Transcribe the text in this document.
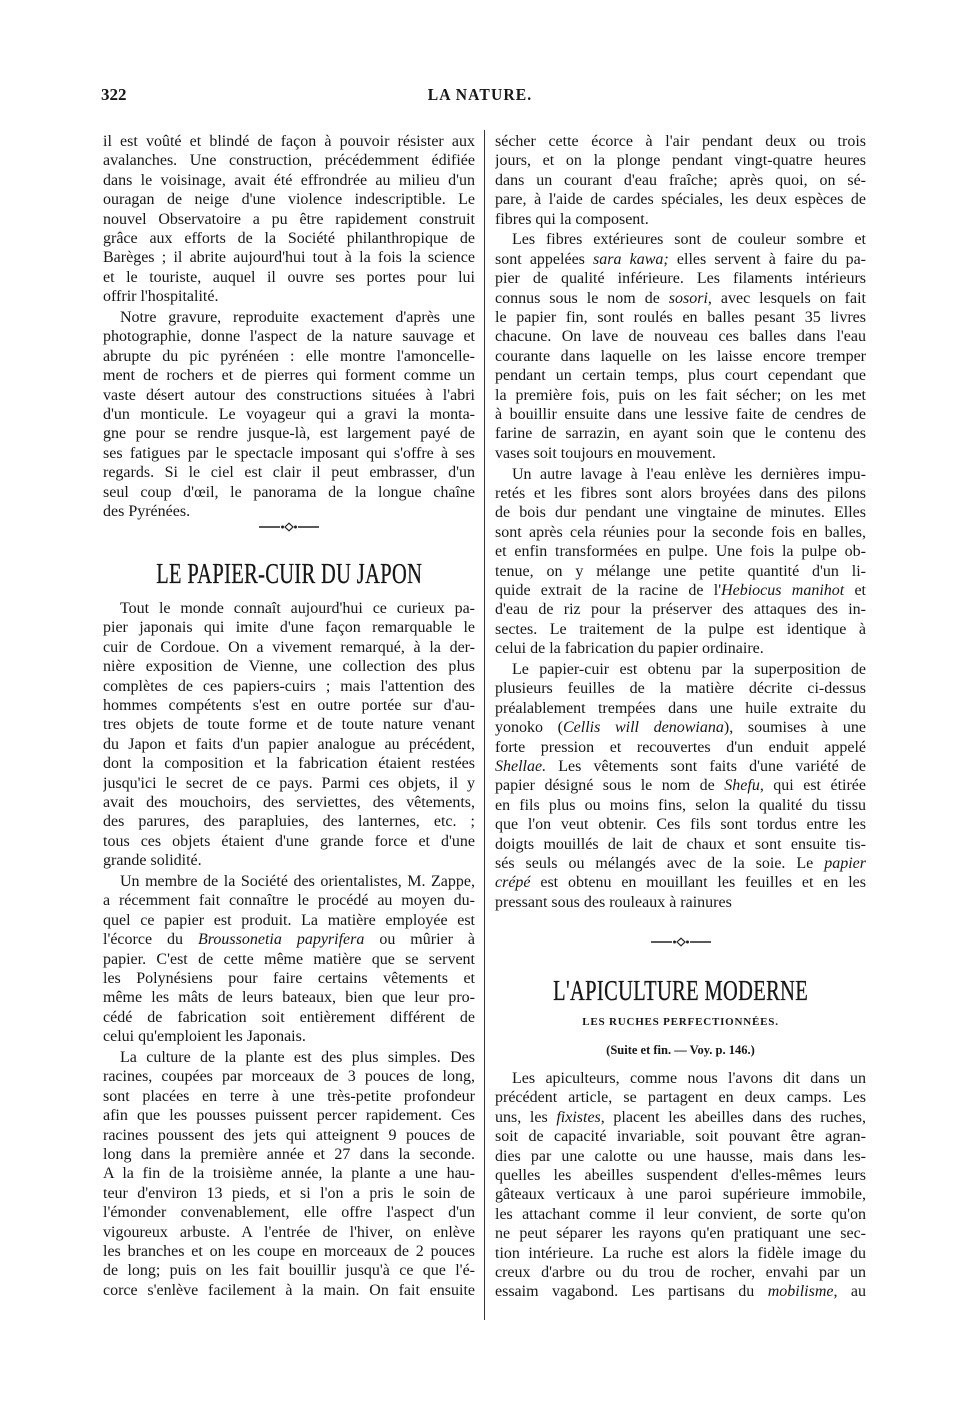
322	LA NATURE.
il est voûté et blindé de façon à pouvoir résister aux
avalanches. Une construction, précédemment édifiée
dans le voisinage, avait été effrondrée au milieu d'un
ouragan de neige d'une violence indescriptible. Le
nouvel Observatoire a pu être rapidement construit
grâce aux efforts de la Société philanthropique de
Barèges ; il abrite aujourd'hui tout à la fois la science
et le touriste, auquel il ouvre ses portes pour lui
offrir l'hospitalité.
Notre gravure, reproduite exactement d'après une
photographie, donne l'aspect de la nature sauvage et
abrupte du pic pyrénéen : elle montre l'amoncelle-
ment de rochers et de pierres qui forment comme un
vaste désert autour des constructions situées à l'abri
d'un monticule. Le voyageur qui a gravi la monta-
gne pour se rendre jusque-là, est largement payé de
ses fatigues par le spectacle imposant qui s'offre à ses
regards. Si le ciel est clair il peut embrasser, d'un
seul coup d'œil, le panorama de la longue chaîne
des Pyrénées.
LE PAPIER-CUIR DU JAPON
Tout le monde connaît aujourd'hui ce curieux pa-
pier japonais qui imite d'une façon remarquable le
cuir de Cordoue. On a vivement remarqué, à la der-
nière exposition de Vienne, une collection des plus
complètes de ces papiers-cuirs ; mais l'attention des
hommes compétents s'est en outre portée sur d'au-
tres objets de toute forme et de toute nature venant
du Japon et faits d'un papier analogue au précédent,
dont la composition et la fabrication étaient restées
jusqu'ici le secret de ce pays. Parmi ces objets, il y
avait des mouchoirs, des serviettes, des vêtements,
des parures, des parapluies, des lanternes, etc. ;
tous ces objets étaient d'une grande force et d'une
grande solidité.
Un membre de la Société des orientalistes, M. Zappe,
a récemment fait connaître le procédé au moyen du-
quel ce papier est produit. La matière employée est
l'écorce du Broussonetia papyrifera ou mûrier à
papier. C'est de cette même matière que se servent
les Polynésiens pour faire certains vêtements et
même les mâts de leurs bateaux, bien que leur pro-
cédé de fabrication soit entièrement différent de
celui qu'emploient les Japonais.
La culture de la plante est des plus simples. Des
racines, coupées par morceaux de 3 pouces de long,
sont placées en terre à une très-petite profondeur
afin que les pousses puissent percer rapidement. Ces
racines poussent des jets qui atteignent 9 pouces de
long dans la première année et 27 dans la seconde.
A la fin de la troisième année, la plante a une hau-
teur d'environ 13 pieds, et si l'on a pris le soin de
l'émonder convenablement, elle offre l'aspect d'un
vigoureux arbuste. A l'entrée de l'hiver, on enlève
les branches et on les coupe en morceaux de 2 pouces
de long; puis on les fait bouillir jusqu'à ce que l'é-
corce s'enlève facilement à la main. On fait ensuite
sécher cette écorce à l'air pendant deux ou trois
jours, et on la plonge pendant vingt-quatre heures
dans un courant d'eau fraîche; après quoi, on sé-
pare, à l'aide de cardes spéciales, les deux espèces de
fibres qui la composent.
Les fibres extérieures sont de couleur sombre et
sont appelées sara kawa; elles servent à faire du pa-
pier de qualité inférieure. Les filaments intérieurs
connus sous le nom de sosori, avec lesquels on fait
le papier fin, sont roulés en balles pesant 35 livres
chacune. On lave de nouveau ces balles dans l'eau
courante dans laquelle on les laisse encore tremper
pendant un certain temps, plus court cependant que
la première fois, puis on les fait sécher; on les met
à bouillir ensuite dans une lessive faite de cendres de
farine de sarrazin, en ayant soin que le contenu des
vases soit toujours en mouvement.
Un autre lavage à l'eau enlève les dernières impu-
retés et les fibres sont alors broyées dans des pilons
de bois dur pendant une vingtaine de minutes. Elles
sont après cela réunies pour la seconde fois en balles,
et enfin transformées en pulpe. Une fois la pulpe ob-
tenue, on y mélange une petite quantité d'un li-
quide extrait de la racine de l'Hebiocus manihot et
d'eau de riz pour la préserver des attaques des in-
sectes. Le traitement de la pulpe est identique à
celui de la fabrication du papier ordinaire.
Le papier-cuir est obtenu par la superposition de
plusieurs feuilles de la matière décrite ci-dessus
préalablement trempées dans une huile extraite du
yonoko (Cellis will denowiana), soumises à une
forte pression et recouvertes d'un enduit appelé
Shellae. Les vêtements sont faits d'une variété de
papier désigné sous le nom de Shefu, qui est étirée
en fils plus ou moins fins, selon la qualité du tissu
que l'on veut obtenir. Ces fils sont tordus entre les
doigts mouillés de lait de chaux et sont ensuite tis-
sés seuls ou mélangés avec de la soie. Le papier
crépé est obtenu en mouillant les feuilles et en les
pressant sous des rouleaux à rainures
L'APICULTURE MODERNE
LES RUCHES PERFECTIONNÉES.
(Suite et fin. — Voy. p. 146.)
Les apiculteurs, comme nous l'avons dit dans un
précédent article, se partagent en deux camps. Les
uns, les fixistes, placent les abeilles dans des ruches,
soit de capacité invariable, soit pouvant être agran-
dies par une calotte ou une hausse, mais dans les-
quelles les abeilles suspendent d'elles-mêmes leurs
gâteaux verticaux à une paroi supérieure immobile,
les attachant comme il leur convient, de sorte qu'on
ne peut séparer les rayons qu'en pratiquant une sec-
tion intérieure. La ruche est alors la fidèle image du
creux d'arbre ou du trou de rocher, envahi par un
essaim vagabond. Les partisans du mobilisme, au
